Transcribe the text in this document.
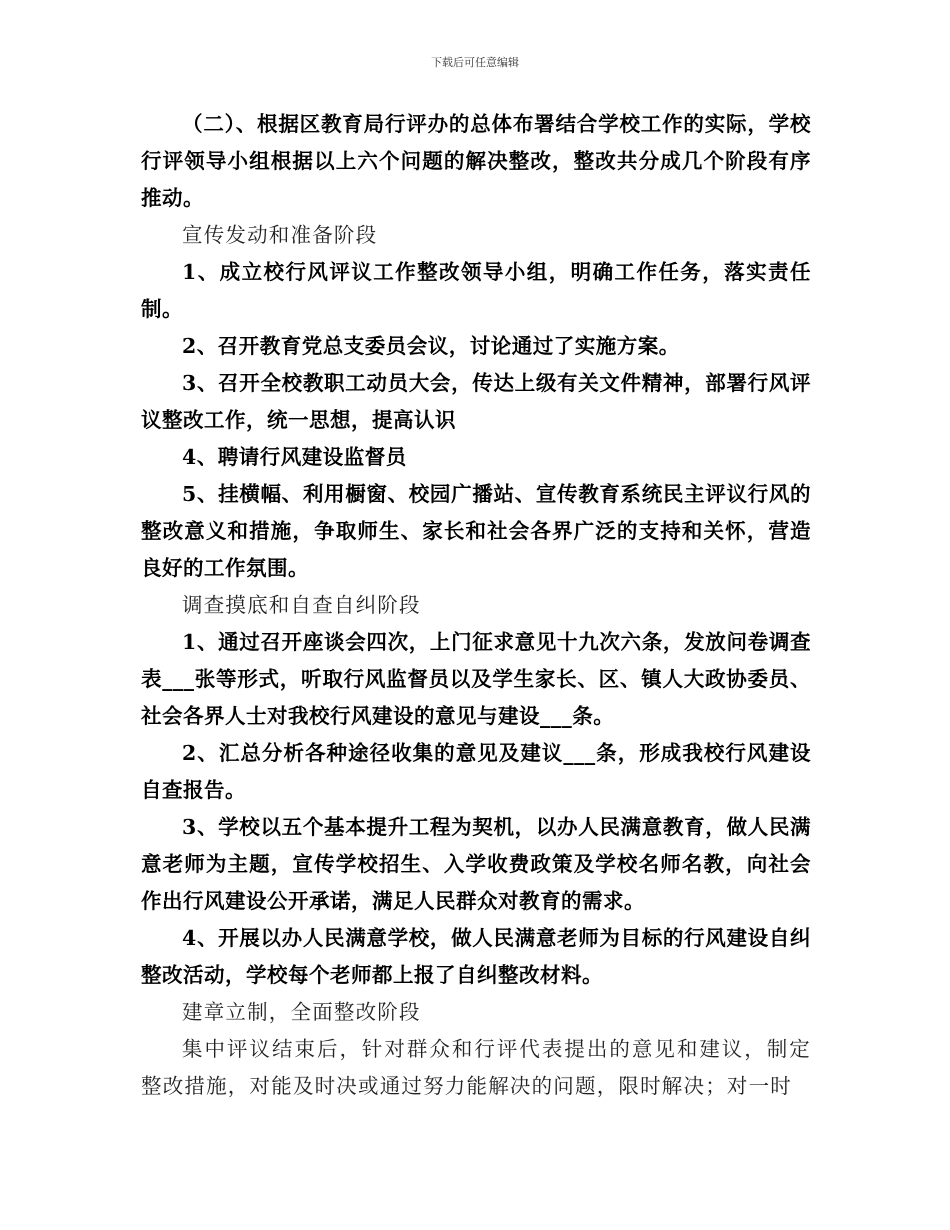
下载后可任意编辑

（二）、根据区教育局行评办的总体布署结合学校工作的实际，学校行评领导小组根据以上六个问题的解决整改，整改共分成几个阶段有序推动。

宣传发动和准备阶段

1、成立校行风评议工作整改领导小组，明确工作任务，落实责任制。

2、召开教育党总支委员会议，讨论通过了实施方案。

3、召开全校教职工动员大会，传达上级有关文件精神，部署行风评议整改工作，统一思想，提高认识

4、聘请行风建设监督员

5、挂横幅、利用橱窗、校园广播站、宣传教育系统民主评议行风的整改意义和措施，争取师生、家长和社会各界广泛的支持和关怀，营造良好的工作氛围。

调查摸底和自查自纠阶段

1、通过召开座谈会四次，上门征求意见十九次六条，发放问卷调查表___张等形式，听取行风监督员以及学生家长、区、镇人大政协委员、社会各界人士对我校行风建设的意见与建设___条。

2、汇总分析各种途径收集的意见及建议___条，形成我校行风建设自查报告。

3、学校以五个基本提升工程为契机，以办人民满意教育，做人民满意老师为主题，宣传学校招生、入学收费政策及学校名师名教，向社会作出行风建设公开承诺，满足人民群众对教育的需求。

4、开展以办人民满意学校，做人民满意老师为目标的行风建设自纠整改活动，学校每个老师都上报了自纠整改材料。

建章立制，全面整改阶段

集中评议结束后，针对群众和行评代表提出的意见和建议，制定整改措施，对能及时决或通过努力能解决的问题，限时解决；对一时
